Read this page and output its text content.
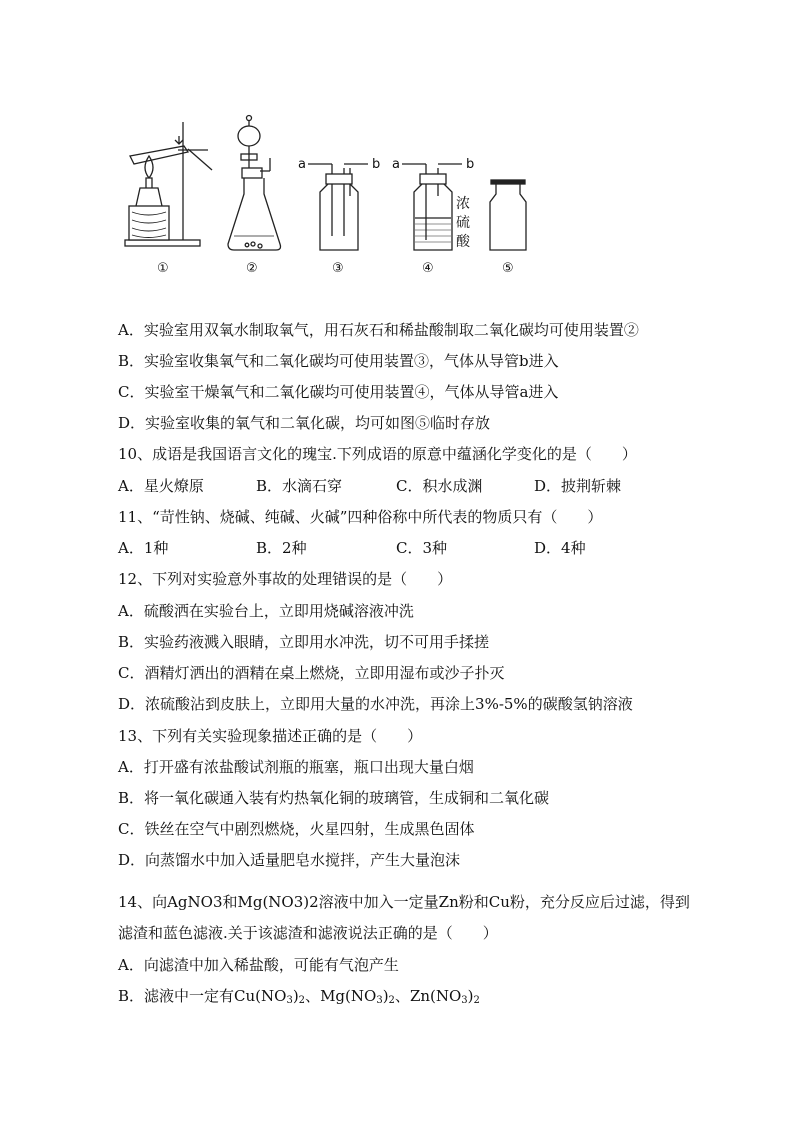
a	b a	b
浓
硫
酸
①	②	③	④	⑤
A．实验室用双氧水制取氧气，用石灰石和稀盐酸制取二氧化碳均可使用装置②
B．实验室收集氧气和二氧化碳均可使用装置③，气体从导管b进入
C．实验室干燥氧气和二氧化碳均可使用装置④，气体从导管a进入
D．实验室收集的氧气和二氧化碳，均可如图⑤临时存放
10、成语是我国语言文化的瑰宝.下列成语的原意中蕴涵化学变化的是（　　）
A．星火燎原	B．水滴石穿	C．积水成渊	D．披荆斩棘
11、“苛性钠、烧碱、纯碱、火碱”四种俗称中所代表的物质只有（　　）
A．1种	B．2种	C．3种	D．4种
12、下列对实验意外事故的处理错误的是（　　）
A．硫酸洒在实验台上，立即用烧碱溶液冲洗
B．实验药液溅入眼睛，立即用水冲洗，切不可用手揉搓
C．酒精灯洒出的酒精在桌上燃烧，立即用湿布或沙子扑灭
D．浓硫酸沾到皮肤上，立即用大量的水冲洗，再涂上3%-5%的碳酸氢钠溶液
13、下列有关实验现象描述正确的是（　　）
A．打开盛有浓盐酸试剂瓶的瓶塞，瓶口出现大量白烟
B．将一氧化碳通入装有灼热氧化铜的玻璃管，生成铜和二氧化碳
C．铁丝在空气中剧烈燃烧，火星四射，生成黑色固体
D．向蒸馏水中加入适量肥皂水搅拌，产生大量泡沫
14、向AgNO3和Mg(NO3)2溶液中加入一定量Zn粉和Cu粉，充分反应后过滤，得到
滤渣和蓝色滤液.关于该滤渣和滤液说法正确的是（　　）
A．向滤渣中加入稀盐酸，可能有气泡产生
B．滤液中一定有$Cu(NO_3)_2$、$Mg(NO_3)_2$、$Zn(NO_3)_2$
